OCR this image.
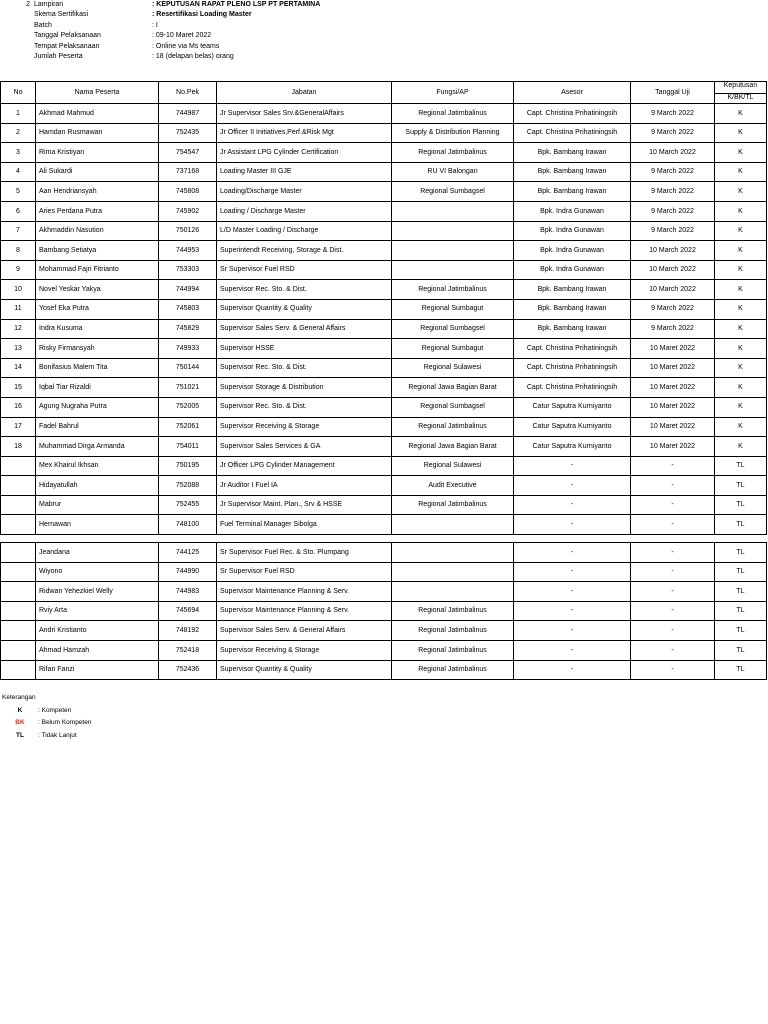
2 Lampiran	: KEPUTUSAN RAPAT PLENO LSP PT PERTAMINA
Skema Sertifikasi	: Resertifikasi Loading Master
Batch	: I
Tanggal Pelaksanaan	: 09-10 Maret 2022
Tempat Pelaksanaan	: Online via Ms teams
Jumlah Peserta	: 18 (delapan belas) orang
No	Nama Peserta	No.Pek	Jabatan	Fungsi/AP	Asesor	Tanggal Uji	Keputusan
K/BK/TL

1	Akhmad Mahmud	744987	Jr Supervisor Sales Srv.&GeneralAffairs	Regional Jatimbalinus	Capt. Christina Prihatiningsih	9 March 2022	K
2	Hamdan Rusmawan	752435	Jr Officer II Initiatives,Perf.&Risk Mgt	Supply & Distribution Planning	Capt. Christina Prihatiningsih	9 March 2022	K
3	Rima Kristiyan	754547	Jr Assistant LPG Cylinder Certification	Regional Jatimbalinus	Bpk. Bambang Irawan	10 March 2022	K
4	Ali Sukardi	737168	Loading Master III GJE	RU VI Balongan	Bpk. Bambang Irawan	9 March 2022	K
5	Aan Hendriansyah	745808	Loading/Discharge Master	Regional Sumbagsel	Bpk. Bambang Irawan	9 March 2022	K
6	Aries Perdana Putra	745902	Loading / Discharge Master		Bpk. Indra Gunawan	9 March 2022	K
7	Akhmaddin Nasution	750126	L/D Master Loading / Discharge		Bpk. Indra Gunawan	9 March 2022	K
8	Bambang Setiatya	744953	Superintendt Receiving, Storage & Dist.		Bpk. Indra Gunawan	10 March 2022	K
9	Mohammad Fajri Fitrianto	753303	Sr Supervisor Fuel RSD		Bpk. Indra Gunawan	10 March 2022	K
10	Novel Yeskar Yakya	744994	Supervisor Rec. Sto. & Dist.	Regional Jatimbalinus	Bpk. Bambang Irawan	10 March 2022	K
11	Yosef Eka Putra	745803	Supervisor Quantity & Quality	Regional Sumbagut	Bpk. Bambang Irawan	9 March 2022	K
12	Indra Kusuma	745829	Supervisor Sales Serv. & General Affairs	Regional Sumbagsel	Bpk. Bambang Irawan	9 March 2022	K
13	Risky Firmansyah	749933	Supervisor HSSE	Regional Sumbagut	Capt. Christina Prihatiningsih	10 Maret 2022	K
14	Bonifasius Malem Tita	750144	Supervisor Rec. Sto. & Dist.	Regional Sulawesi	Capt. Christina Prihatiningsih	10 Maret 2022	K
15	Iqbal Tiar Rizaldi	751021	Supervisor Storage & Distribution	Regional Jawa Bagian Barat	Capt. Christina Prihatiningsih	10 Maret 2022	K
16	Agung Nugraha Putra	752005	Supervisor Rec. Sto. & Dist.	Regional Sumbagsel	Catur Saputra Kurniyanto	10 Maret 2022	K
17	Fadel Bahrul	752061	Supervisor Receiving & Storage	Regional Jatimbalinus	Catur Saputra Kurniyanto	10 Maret 2022	K
18	Muhammad Dirga Armanda	754011	Supervisor Sales Services & GA	Regional Jawa Bagian Barat	Catur Saputra Kurniyanto	10 Maret 2022	K
	Mex Khairul Ikhsan	750195	Jr Officer LPG Cylinder Management	Regional Sulawesi	-	-	TL
	Hidayatullah	752088	Jr Auditor I Fuel IA	Audit Executive	-	-	TL
	Mabrur	752455	Jr Supervisor Maint. Plan., Srv & HSSE	Regional Jatimbalinus	-	-	TL
	Hernawan	748100	Fuel Terminal Manager Sibolga		-	-	TL
	Jeandana	744125	Sr Supervisor Fuel Rec. & Sto. Plumpang		-	-	TL
	Wiyono	744990	Sr Supervisor Fuel RSD		-	-	TL
	Ridwan Yehezkiel Welly	744983	Supervisor Maintenance Planning & Serv.		-	-	TL
	Rviy Arta	745694	Supervisor Maintenance Planning & Serv.	Regional Jatimbalinus	-	-	TL
	Andri Kristianto	748192	Supervisor Sales Serv. & General Affairs	Regional Jatimbalinus	-	-	TL
	Ahmad Hamzah	752418	Supervisor Receiving & Storage	Regional Jatimbalinus	-	-	TL
	Rifan Fanzi	752436	Supervisor Quantity & Quality	Regional Jatimbalinus	-	-	TL
Keterangan
K	: Kompeten
BK	: Belum Kompeten
TL	: Tidak Lanjut
